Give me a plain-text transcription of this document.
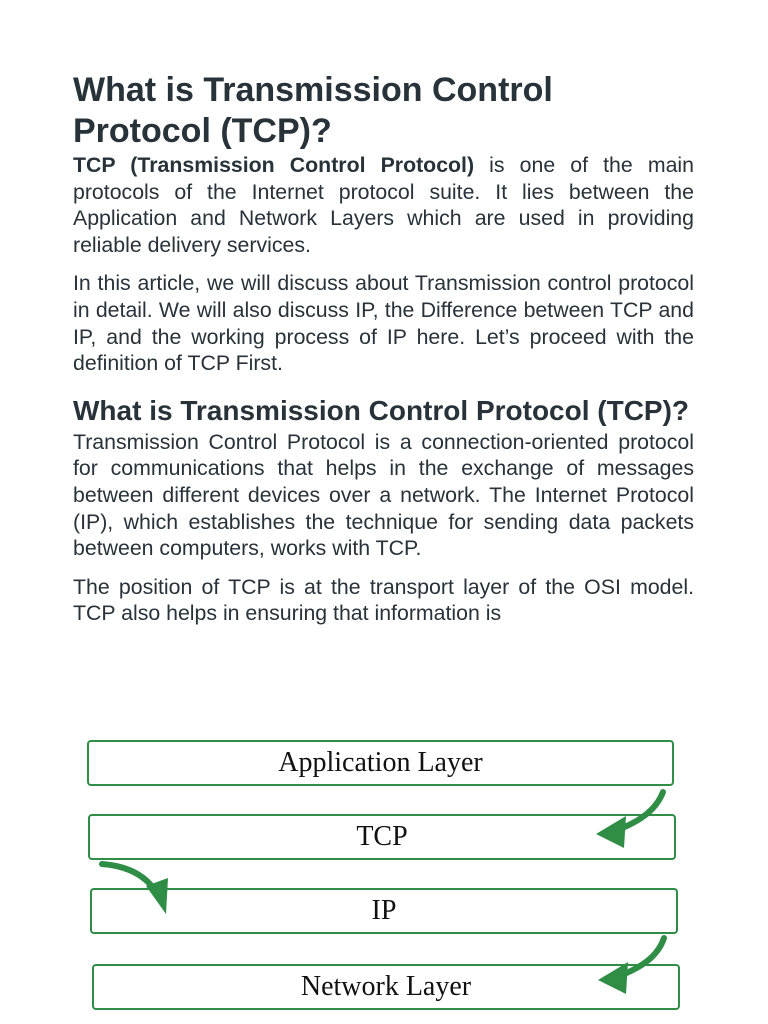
What is Transmission Control Protocol (TCP)?

TCP (Transmission Control Protocol) is one of the main protocols of the Internet protocol suite. It lies between the Application and Network Layers which are used in providing reliable delivery services.

In this article, we will discuss about Transmission control protocol in detail. We will also discuss IP, the Difference between TCP and IP, and the working process of IP here. Let’s proceed with the definition of TCP First.

What is Transmission Control Protocol (TCP)?

Transmission Control Protocol is a connection-oriented protocol for communications that helps in the exchange of messages between different devices over a network. The Internet Protocol (IP), which establishes the technique for sending data packets between computers, works with TCP.

The position of TCP is at the transport layer of the OSI model. TCP also helps in ensuring that information is

Application Layer
TCP
IP
Network Layer
